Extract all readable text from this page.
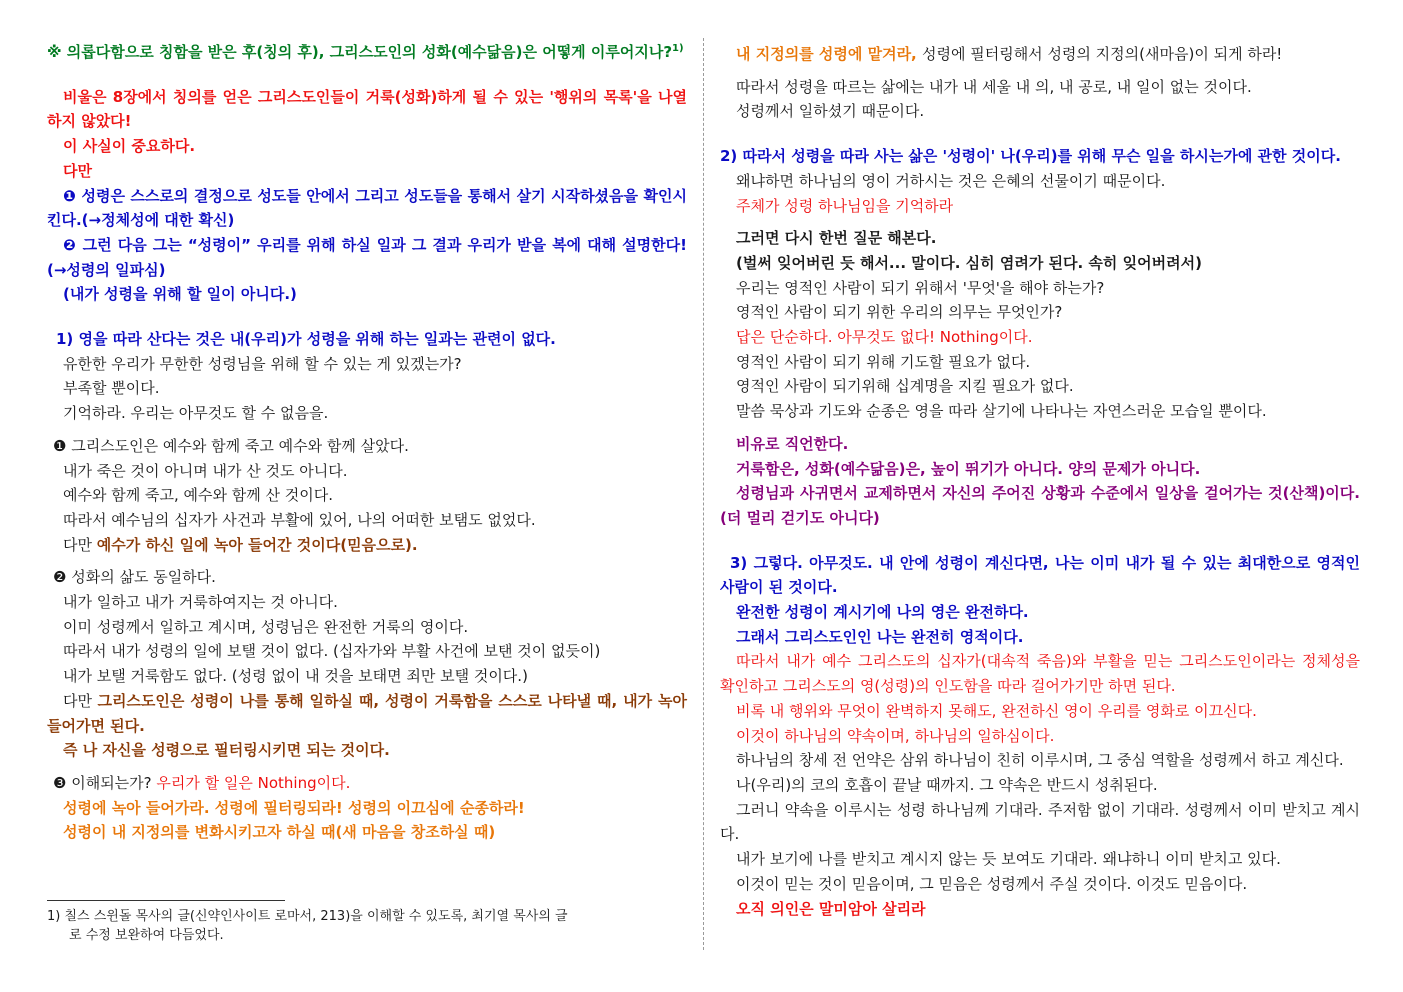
※ 의롭다함으로 칭함을 받은 후(칭의 후), 그리스도인의 성화(예수닮음)은 어떻게 이루어지나?$^{1)}$

비울은 8장에서 칭의를 얻은 그리스도인들이 거룩(성화)하게 될 수 있는 '행위의 목록'을 나열하지 않았다!

이 사실이 중요하다.

다만

❶ 성령은 스스로의 결정으로 성도들 안에서 그리고 성도들을 통해서 살기 시작하셨음을 확인시킨다.(→정체성에 대한 확신)

❷ 그런 다음 그는 “성령이” 우리를 위해 하실 일과 그 결과 우리가 받을 복에 대해 설명한다! (→성령의 일파심)

(내가 성령을 위해 할 일이 아니다.)

1) 영을 따라 산다는 것은 내(우리)가 성령을 위해 하는 일과는 관련이 없다.

유한한 우리가 무한한 성령님을 위해 할 수 있는 게 있겠는가?

부족할 뿐이다.

기억하라. 우리는 아무것도 할 수 없음을.

❶ 그리스도인은 예수와 함께 죽고 예수와 함께 살았다.

내가 죽은 것이 아니며 내가 산 것도 아니다.

예수와 함께 죽고, 예수와 함께 산 것이다.

따라서 예수님의 십자가 사건과 부활에 있어, 나의 어떠한 보탬도 없었다.

다만 예수가 하신 일에 녹아 들어간 것이다(믿음으로).

❷ 성화의 삶도 동일하다.

내가 일하고 내가 거룩하여지는 것 아니다.

이미 성령께서 일하고 계시며, 성령님은 완전한 거룩의 영이다.

따라서 내가 성령의 일에 보탤 것이 없다. (십자가와 부활 사건에 보탠 것이 없듯이)

내가 보탤 거룩함도 없다. (성령 없이 내 것을 보태면 죄만 보탤 것이다.)

다만 그리스도인은 성령이 나를 통해 일하실 때, 성령이 거룩함을 스스로 나타낼 때, 내가 녹아 들어가면 된다.

즉 나 자신을 성령으로 필터링시키면 되는 것이다.

❸ 이해되는가? 우리가 할 일은 Nothing이다.

성령에 녹아 들어가라. 성령에 필터링되라! 성령의 이끄심에 순종하라!

성령이 내 지정의를 변화시키고자 하실 때(새 마음을 창조하실 때)

1) 칠스 스윈돌 목사의 글(신약인사이트 로마서, 213)을 이해할 수 있도록, 최기열 목사의 글
로 수정 보완하여 다듬었다.

내 지정의를 성령에 맡겨라, 성령에 필터링해서 성령의 지정의(새마음)이 되게 하라!

따라서 성령을 따르는 삶에는 내가 내 세울 내 의, 내 공로, 내 일이 없는 것이다.

성령께서 일하셨기 때문이다.

2) 따라서 성령을 따라 사는 삶은 '성령이' 나(우리)를 위해 무슨 일을 하시는가에 관한 것이다.

왜냐하면 하나님의 영이 거하시는 것은 은혜의 선물이기 때문이다.

주체가 성령 하나님임을 기억하라

그러면 다시 한번 질문 해본다.

(벌써 잊어버린 듯 해서... 말이다. 심히 염려가 된다. 속히 잊어버려서)

우리는 영적인 사람이 되기 위해서 '무엇'을 해야 하는가?

영적인 사람이 되기 위한 우리의 의무는 무엇인가?

답은 단순하다. 아무것도 없다! Nothing이다.

영적인 사람이 되기 위해 기도할 필요가 없다.

영적인 사람이 되기위해 십계명을 지킬 필요가 없다.

말씀 묵상과 기도와 순종은 영을 따라 살기에 나타나는 자연스러운 모습일 뿐이다.

비유로 직언한다.

거룩함은, 성화(예수닮음)은, 높이 뛰기가 아니다. 양의 문제가 아니다.

성령님과 사귀면서 교제하면서 자신의 주어진 상황과 수준에서 일상을 걸어가는 것(산책)이다. (더 멀리 걷기도 아니다)

3) 그렇다. 아무것도. 내 안에 성령이 계신다면, 나는 이미 내가 될 수 있는 최대한으로 영적인 사람이 된 것이다.

완전한 성령이 계시기에 나의 영은 완전하다.

그래서 그리스도인인 나는 완전히 영적이다.

따라서 내가 예수 그리스도의 십자가(대속적 죽음)와 부활을 믿는 그리스도인이라는 정체성을 확인하고 그리스도의 영(성령)의 인도함을 따라 걸어가기만 하면 된다.

비록 내 행위와 무엇이 완벽하지 못해도, 완전하신 영이 우리를 영화로 이끄신다.

이것이 하나님의 약속이며, 하나님의 일하심이다.

하나님의 창세 전 언약은 삼위 하나님이 친히 이루시며, 그 중심 역할을 성령께서 하고 계신다.

나(우리)의 코의 호흡이 끝날 때까지. 그 약속은 반드시 성취된다.

그러니 약속을 이루시는 성령 하나님께 기대라. 주저함 없이 기대라. 성령께서 이미 받치고 계시다.

내가 보기에 나를 받치고 계시지 않는 듯 보여도 기대라. 왜냐하니 이미 받치고 있다.

이것이 믿는 것이 믿음이며, 그 믿음은 성령께서 주실 것이다. 이것도 믿음이다.

오직 의인은 말미암아 살리라
